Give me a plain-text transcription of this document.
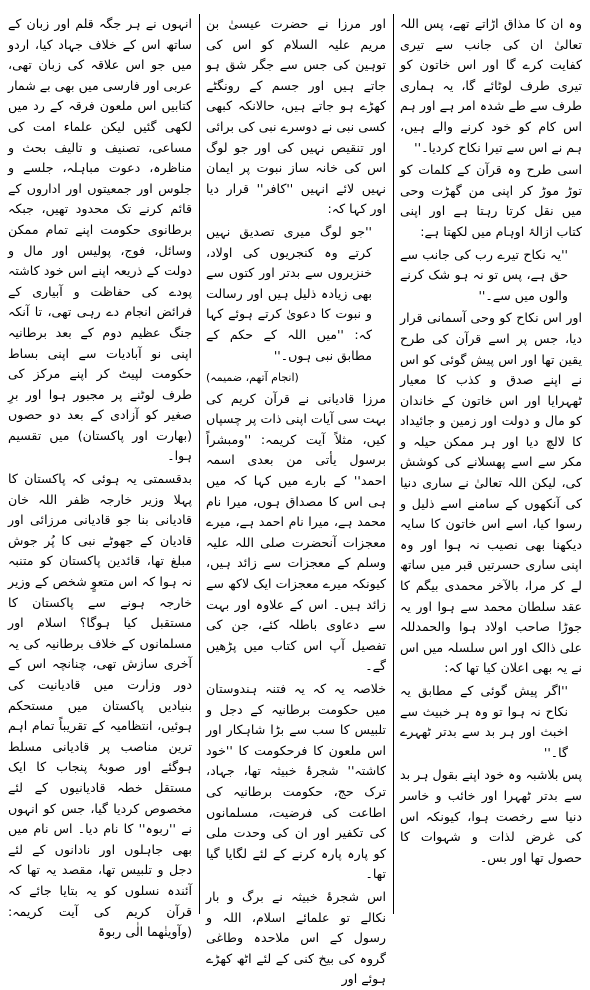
وہ ان کا مذاق اڑاتے تھے، پس اللہ تعالیٰ ان کی جانب سے تیری کفایت کرے گا اور اس خاتون کو تیری طرف لوٹائے گا، یہ ہماری طرف سے طے شدہ امر ہے اور ہم اس کام کو خود کرنے والے ہیں، ہم نے اس سے تیرا نکاح کردیا۔''

اسی طرح وہ قرآن کے کلمات کو توڑ موڑ کر اپنی من گھڑت وحی میں نقل کرتا رہتا ہے اور اپنی کتاب ازالۂ اوہام میں لکھتا ہے:

''یہ نکاح تیرے رب کی جانب سے حق ہے، پس تو نہ ہو شک کرنے والوں میں سے۔''

اور اس نکاح کو وحی آسمانی قرار دیا، جس پر اسے قرآن کی طرح یقین تھا اور اس پیش گوئی کو اس نے اپنے صدق و کذب کا معیار ٹھہرایا اور اس خاتون کے خاندان کو مال و دولت اور زمین و جائیداد کا لالچ دیا اور ہر ممکن حیلہ و مکر سے اسے پھسلانے کی کوشش کی، لیکن اللہ تعالیٰ نے ساری دنیا کی آنکھوں کے سامنے اسے ذلیل و رسوا کیا، اسے اس خاتون کا سایہ دیکھنا بھی نصیب نہ ہوا اور وہ اپنی ساری حسرتیں قبر میں ساتھ لے کر مرا، بالآخر محمدی بیگم کا عقد سلطان محمد سے ہوا اور یہ جوڑا صاحب اولاد ہوا والحمدللہ علی ذالک اور اس سلسلہ میں اس نے یہ بھی اعلان کیا تھا کہ:

''اگر پیش گوئی کے مطابق یہ نکاح نہ ہوا تو وہ ہر خبیث سے اخبث اور ہر بد سے بدتر ٹھہرے گا۔''

پس بلاشبہ وہ خود اپنے بقول ہر بد سے بدتر ٹھہرا اور خائب و خاسر دنیا سے رخصت ہوا، کیونکہ اس کی غرض لذات و شہوات کا حصول تھا اور بس۔

اور مرزا نے حضرت عیسیٰ بن مریم علیہ السلام کو اس کی توہین کی جس سے جگر شق ہو جاتے ہیں اور جسم کے رونگٹے کھڑے ہو جاتے ہیں، حالانکہ کبھی کسی نبی نے دوسرے نبی کی برائی اور تنقیص نہیں کی اور جو لوگ اس کی خانہ ساز نبوت پر ایمان نہیں لائے انہیں ''کافر'' قرار دیا اور کہا کہ:

''جو لوگ میری تصدیق نہیں کرتے وہ کنجریوں کی اولاد، خنزیروں سے بدتر اور کتوں سے بھی زیادہ ذلیل ہیں اور رسالت و نبوت کا دعویٰ کرتے ہوئے کہا کہ: ''میں اللہ کے حکم کے مطابق نبی ہوں۔''

(انجام آتھم، ضمیمہ)

مرزا قادیانی نے قرآن کریم کی بہت سی آیات اپنی ذات پر چسپاں کیں، مثلاً آیت کریمہ: ''ومبشراً برسول یأتی من بعدی اسمہ احمد'' کے بارے میں کہا کہ میں ہی اس کا مصداق ہوں، میرا نام محمد ہے، میرا نام احمد ہے، میرے معجزات آنحضرت صلی اللہ علیہ وسلم کے معجزات سے زائد ہیں، کیونکہ میرے معجزات ایک لاکھ سے زائد ہیں۔ اس کے علاوہ اور بہت سے دعاوی باطلہ کئے، جن کی تفصیل آپ اس کتاب میں پڑھیں گے۔

خلاصہ یہ کہ یہ فتنہ ہندوستان میں حکومت برطانیہ کے دجل و تلبیس کا سب سے بڑا شاہکار اور اس ملعون کا فرحکومت کا ''خود کاشتہ'' شجرۂ خبیثہ تھا، جہاد، ترک حج، حکومت برطانیہ کی اطاعت کی فرضیت، مسلمانوں کی تکفیر اور ان کی وحدت ملی کو پارہ پارہ کرنے کے لئے لگایا گیا تھا۔

اس شجرۂ خبیثہ نے برگ و بار نکالے تو علمائے اسلام، اللہ و رسول کے اس ملاحدہ وطاغی گروہ کی بیخ کنی کے لئے اٹھ کھڑے ہوئے اور

انہوں نے ہر جگہ قلم اور زبان کے ساتھ اس کے خلاف جہاد کیا، اردو میں جو اس علاقہ کی زبان تھی، عربی اور فارسی میں بھی بے شمار کتابیں اس ملعون فرقہ کے رد میں لکھی گئیں لیکن علماء امت کی مساعی، تصنیف و تالیف بحث و مناظرہ، دعوت مباہلہ، جلسے و جلوس اور جمعیتوں اور اداروں کے قائم کرنے تک محدود تھیں، جبکہ برطانوی حکومت اپنے تمام ممکن وسائل، فوج، پولیس اور مال و دولت کے ذریعہ اپنے اس خود کاشتہ پودے کی حفاظت و آبیاری کے فرائض انجام دے رہی تھی، تا آنکہ جنگ عظیم دوم کے بعد برطانیہ اپنی نو آبادیات سے اپنی بساط حکومت لپیٹ کر اپنے مرکز کی طرف لوٹنے پر مجبور ہوا اور برِ صغیر کو آزادی کے بعد دو حصوں (بھارت اور پاکستان) میں تقسیم ہوا۔

بدقسمتی یہ ہوئی کہ پاکستان کا پہلا وزیر خارجہ ظفر اللہ خان قادیانی بنا جو قادیانی مرزائی اور قادیان کے جھوٹے نبی کا پُر جوش مبلغ تھا، قائدین پاکستان کو متنبہ نہ ہوا کہ اس متعوٍ شخص کے وزیر خارجہ ہونے سے پاکستان کا مستقبل کیا ہوگا؟ اسلام اور مسلمانوں کے خلاف برطانیہ کی یہ آخری سازش تھی، چنانچہ اس کے دور وزارت میں قادیانیت کی بنیادیں پاکستان میں مستحکم ہوئیں، انتظامیہ کے تقریباً تمام اہم ترین مناصب پر قادیانی مسلط ہوگئے اور صوبۂ پنجاب کا ایک مستقل خطہ قادیانیوں کے لئے مخصوص کردیا گیا، جس کو انہوں نے ''ربوہ'' کا نام دیا۔ اس نام میں بھی جاہلوں اور نادانوں کے لئے دجل و تلبیس تھا، مقصد یہ تھا کہ آئندہ نسلوں کو یہ بتایا جائے کہ قرآن کریم کی آیت کریمہ: (وآوینٰھما الٰی ربوۃ
